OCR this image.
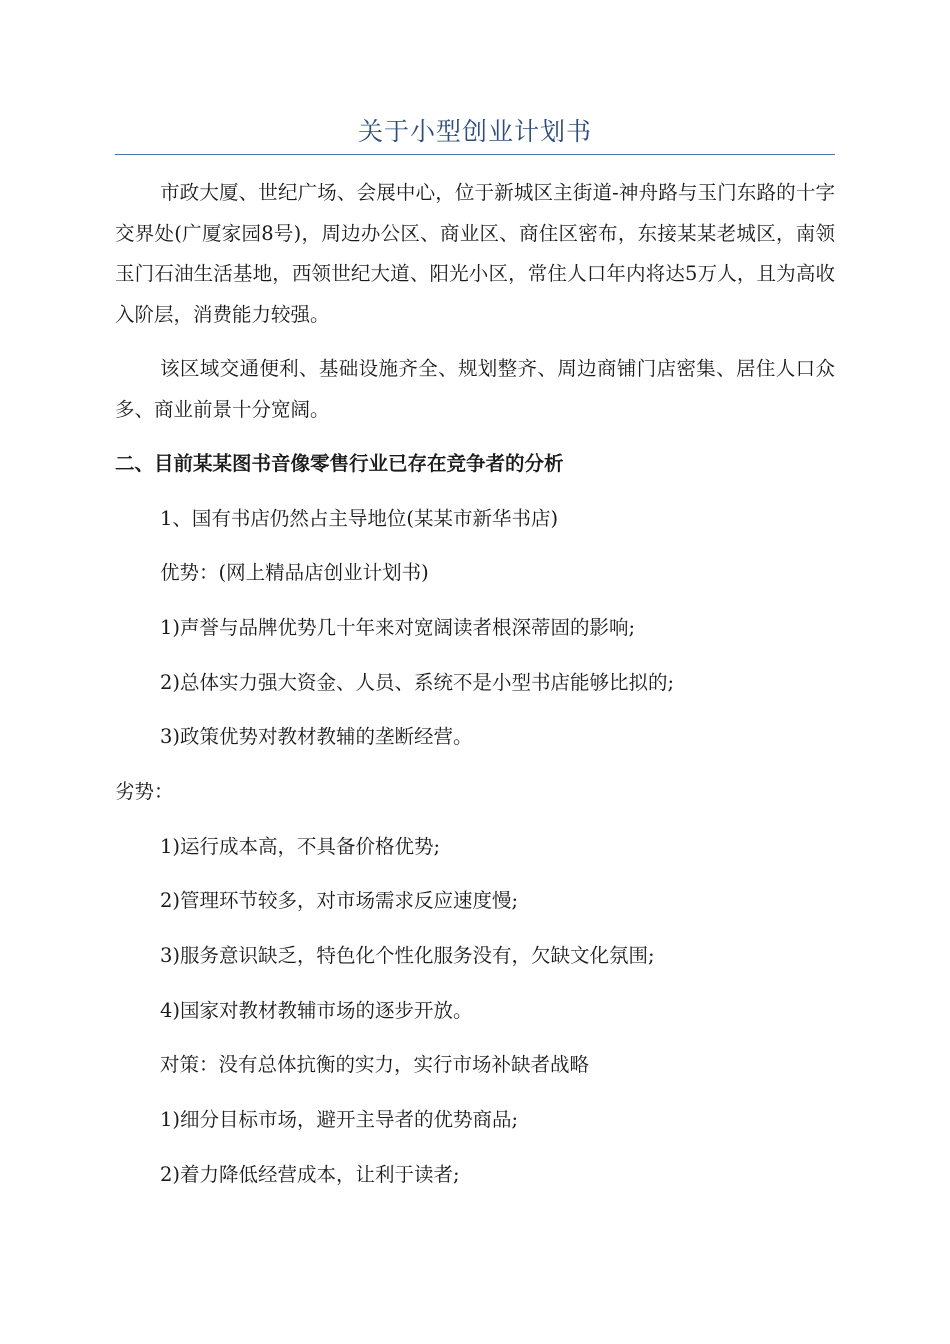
关于小型创业计划书

市政大厦、世纪广场、会展中心，位于新城区主街道-神舟路与玉门东路的十字交界处(广厦家园8号)，周边办公区、商业区、商住区密布，东接某某老城区，南领玉门石油生活基地，西领世纪大道、阳光小区，常住人口年内将达5万人，且为高收入阶层，消费能力较强。

该区域交通便利、基础设施齐全、规划整齐、周边商铺门店密集、居住人口众多、商业前景十分宽阔。

二、目前某某图书音像零售行业已存在竞争者的分析

1、国有书店仍然占主导地位(某某市新华书店)

优势：(网上精品店创业计划书)

1)声誉与品牌优势几十年来对宽阔读者根深蒂固的影响;

2)总体实力强大资金、人员、系统不是小型书店能够比拟的;

3)政策优势对教材教辅的垄断经营。

劣势：

1)运行成本高，不具备价格优势;

2)管理环节较多，对市场需求反应速度慢;

3)服务意识缺乏，特色化个性化服务没有，欠缺文化氛围;

4)国家对教材教辅市场的逐步开放。

对策：没有总体抗衡的实力，实行市场补缺者战略

1)细分目标市场，避开主导者的优势商品;

2)着力降低经营成本，让利于读者;
